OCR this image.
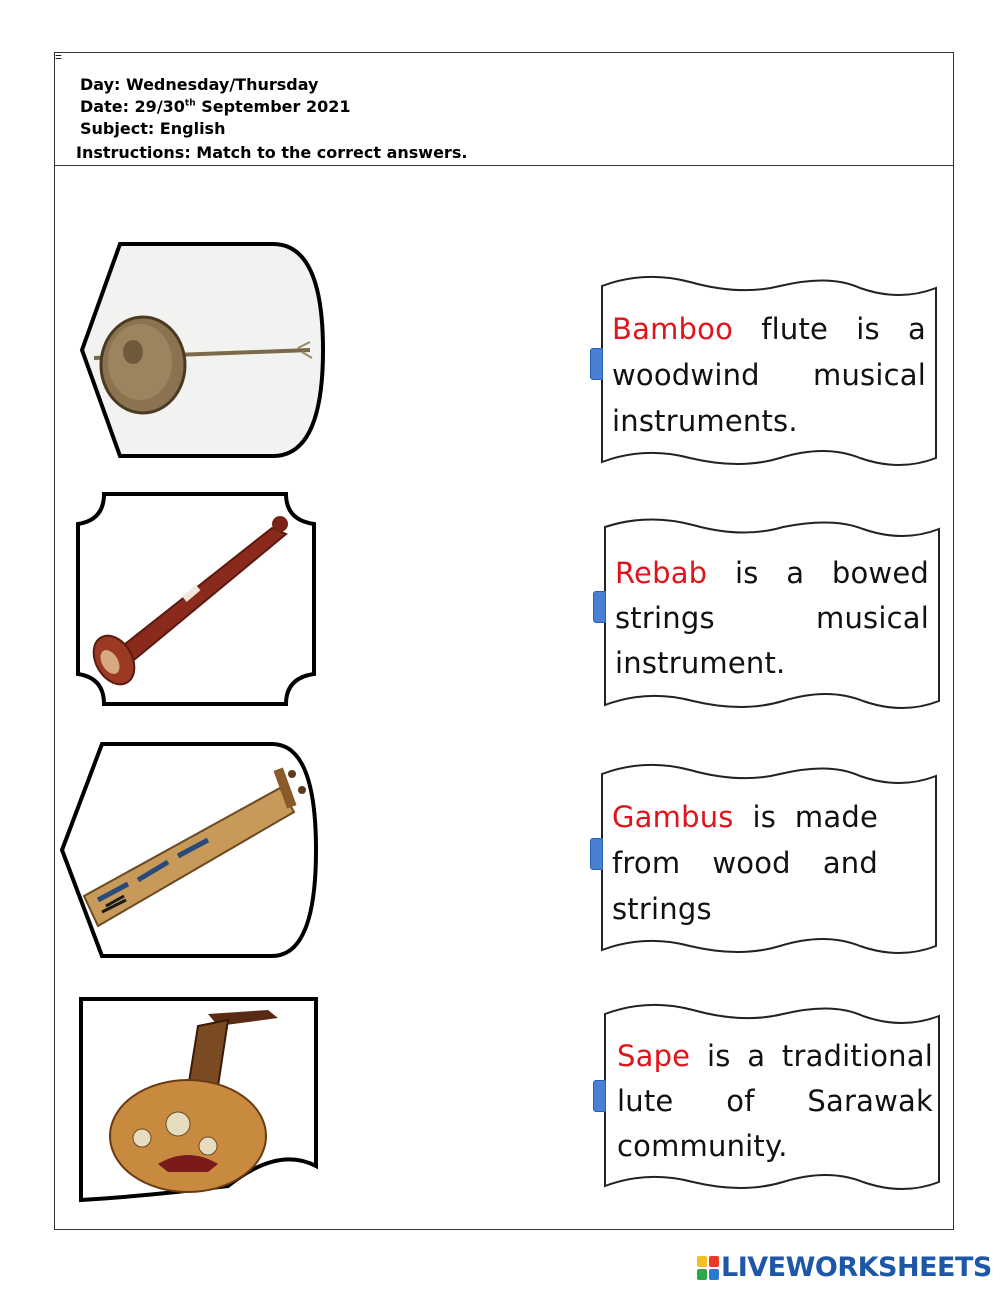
=
Day: Wednesday/Thursday
Date: 29/30th September 2021
Subject: English
Instructions: Match to the correct answers.
Bamboo flute is a woodwind musical instruments.
Rebab is a bowed strings musical instrument.
Gambus is made from wood and strings
Sape is a traditional lute of Sarawak community.
LIVEWORKSHEETS
